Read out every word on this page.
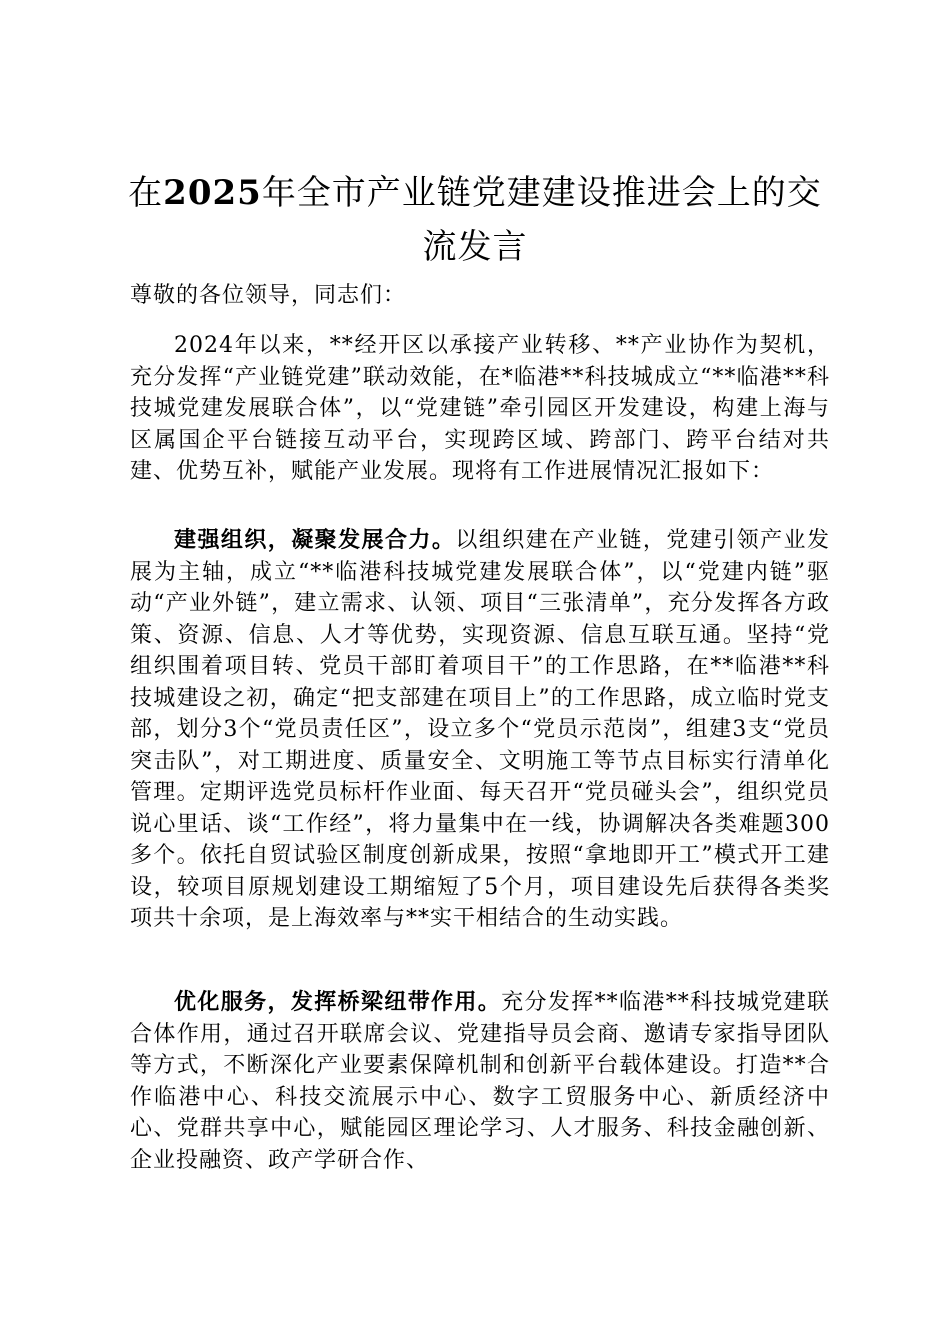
在2025年全市产业链党建建设推进会上的交流发言

尊敬的各位领导，同志们：

2024年以来，**经开区以承接产业转移、**产业协作为契机，充分发挥“产业链党建”联动效能，在*临港**科技城成立“**临港**科技城党建发展联合体”，以“党建链”牵引园区开发建设，构建上海与区属国企平台链接互动平台，实现跨区域、跨部门、跨平台结对共建、优势互补，赋能产业发展。现将有工作进展情况汇报如下：

建强组织，凝聚发展合力。以组织建在产业链，党建引领产业发展为主轴，成立“**临港科技城党建发展联合体”，以“党建内链”驱动“产业外链”，建立需求、认领、项目“三张清单”，充分发挥各方政策、资源、信息、人才等优势，实现资源、信息互联互通。坚持“党组织围着项目转、党员干部盯着项目干”的工作思路，在**临港**科技城建设之初，确定“把支部建在项目上”的工作思路，成立临时党支部，划分3个“党员责任区”，设立多个“党员示范岗”，组建3支“党员突击队”，对工期进度、质量安全、文明施工等节点目标实行清单化管理。定期评选党员标杆作业面、每天召开“党员碰头会”，组织党员说心里话、谈“工作经”，将力量集中在一线，协调解决各类难题300多个。依托自贸试验区制度创新成果，按照“拿地即开工”模式开工建设，较项目原规划建设工期缩短了5个月，项目建设先后获得各类奖项共十余项，是上海效率与**实干相结合的生动实践。

优化服务，发挥桥梁纽带作用。充分发挥**临港**科技城党建联合体作用，通过召开联席会议、党建指导员会商、邀请专家指导团队等方式，不断深化产业要素保障机制和创新平台载体建设。打造**合作临港中心、科技交流展示中心、数字工贸服务中心、新质经济中心、党群共享中心，赋能园区理论学习、人才服务、科技金融创新、企业投融资、政产学研合作、
